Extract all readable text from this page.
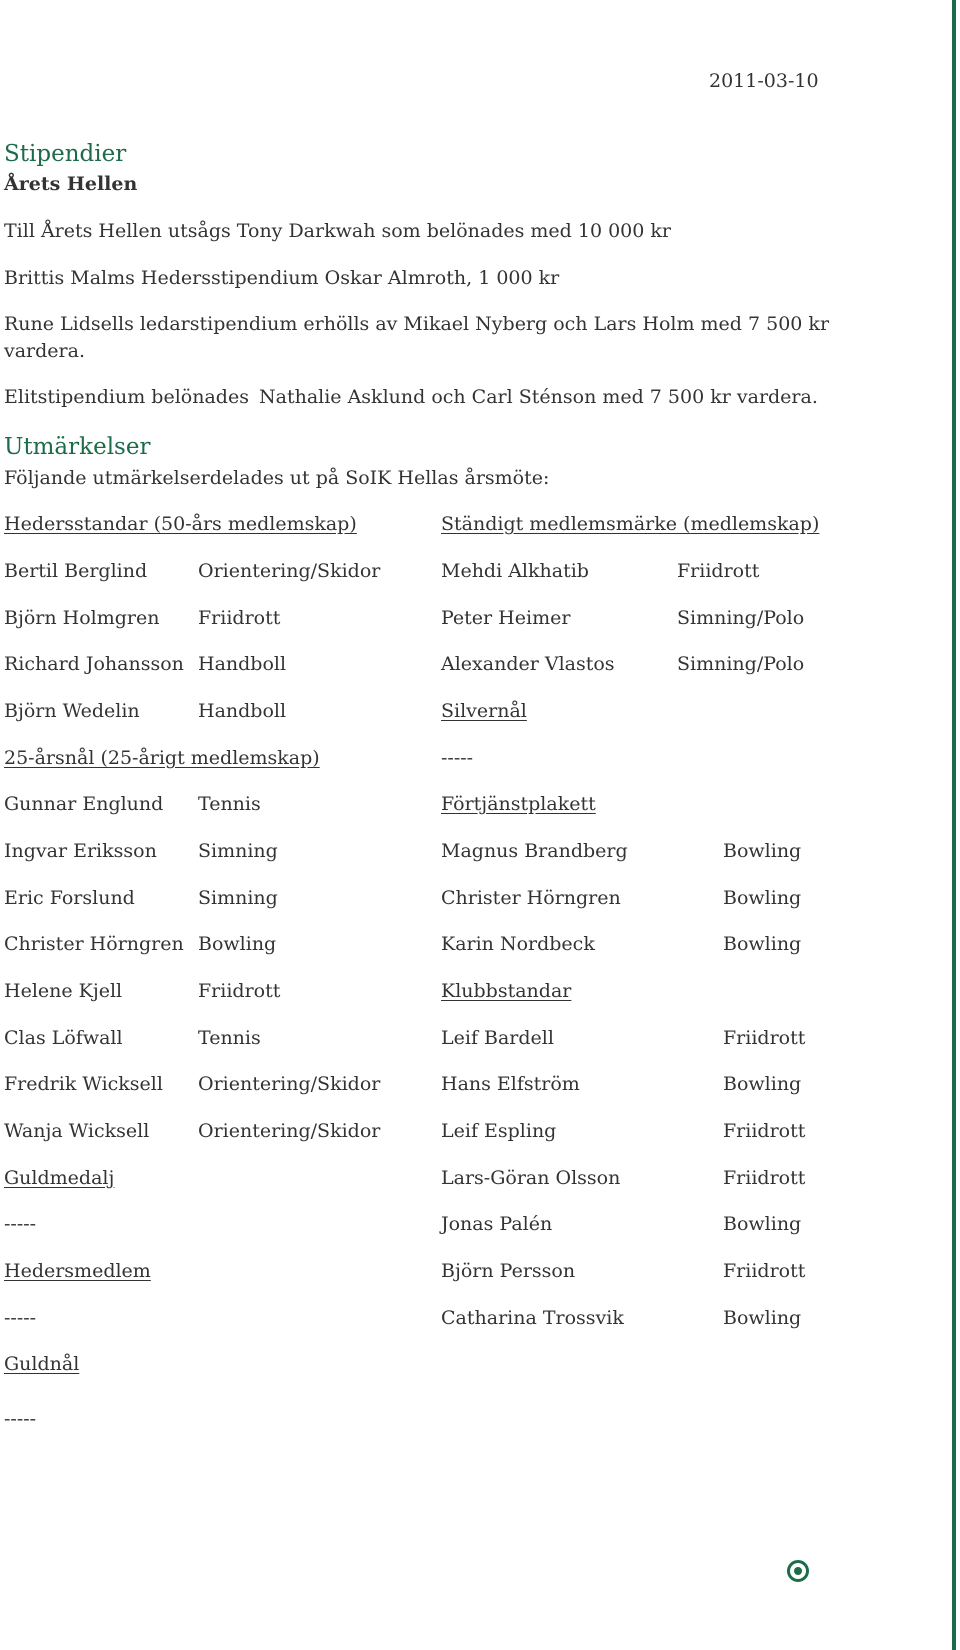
2011-03-10
Stipendier
Årets Hellen
Till Årets Hellen utsågs Tony Darkwah som belönades med 10 000 kr
Brittis Malms Hedersstipendium Oskar Almroth, 1 000 kr
Rune Lidsells ledarstipendium erhölls av Mikael Nyberg och Lars Holm med 7 500 kr
vardera.
Elitstipendium belönades Nathalie Asklund och Carl Sténson med 7 500 kr vardera.
Utmärkelser
Följande utmärkelserdelades ut på SoIK Hellas årsmöte:
Hedersstandar (50-års medlemskap)
Bertil Berglind	Orientering/Skidor
Björn Holmgren Friidrott
Richard Johansson Handboll
Björn Wedelin	Handboll
25-årsnål (25-årigt medlemskap)
Gunnar Englund Tennis
Ingvar Eriksson Simning
Eric Forslund	Simning
Christer Hörngren Bowling
Helene Kjell	Friidrott
Clas Löfwall	Tennis
Fredrik Wicksell Orientering/Skidor
Wanja Wicksell	Orientering/Skidor
Guldmedalj
-----
Hedersmedlem
-----
Guldnål
-----
Ständigt medlemsmärke (medlemskap)
Mehdi Alkhatib	Friidrott
Peter Heimer	Simning/Polo
Alexander Vlastos	Simning/Polo
Silvernål
-----
Förtjänstplakett
Magnus Brandberg	Bowling
Christer Hörngren	Bowling
Karin Nordbeck	Bowling
Klubbstandar
Leif Bardell	Friidrott
Hans Elfström	Bowling
Leif Espling	Friidrott
Lars-Göran Olsson	Friidrott
Jonas Palén	Bowling
Björn Persson	Friidrott
Catharina Trossvik	Bowling
